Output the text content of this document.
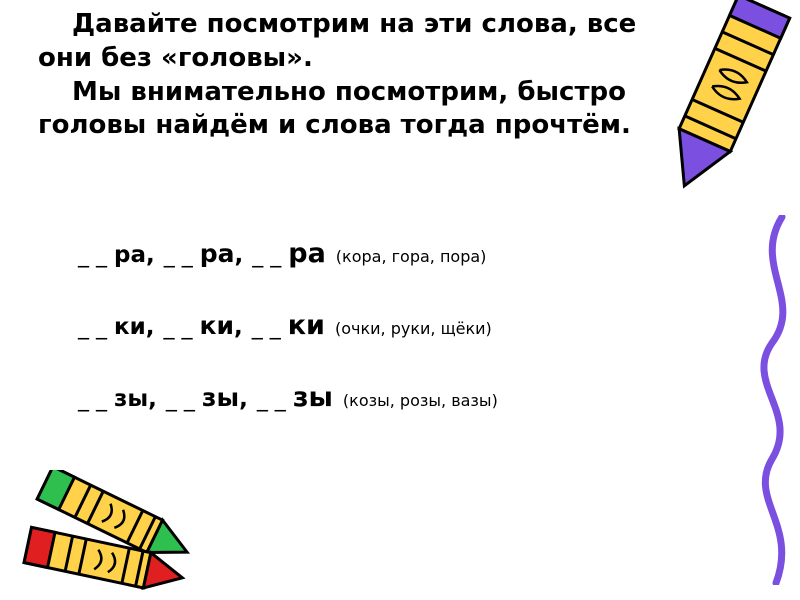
Давайте посмотрим на эти слова, все они без «головы».

Мы внимательно посмотрим, быстро головы найдём и слова тогда прочтём.

_ _ ра , _ _ ра , _ _ ра (кора, гора, пора)
_ _ ки , _ _ ки , _ _ ки (очки, руки, щёки)
_ _ зы , _ _ зы , _ _ зы (козы, розы, вазы)
